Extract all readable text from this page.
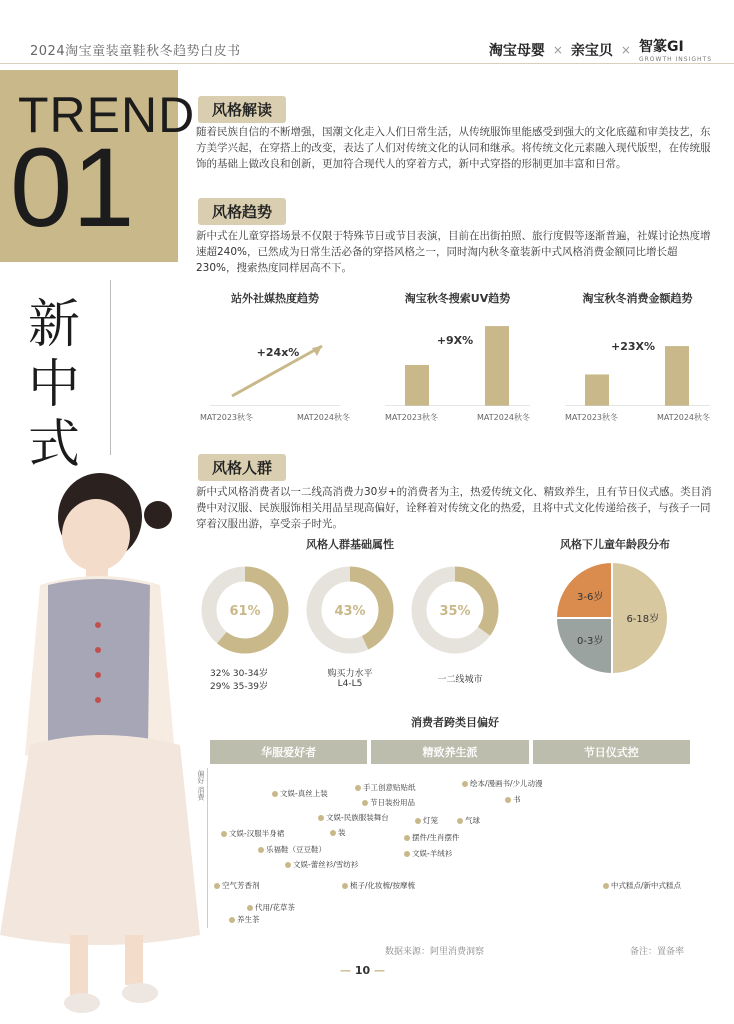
2024淘宝童装童鞋秋冬趋势白皮书	淘宝母婴 × 亲宝贝 × 智篆GI
GROWTH INSIGHTS
TREND
01
新
中
式
风格解读
随着民族自信的不断增强，国潮文化走入人们日常生活，从传统服饰里能感受到强大的文化底蕴和审美技艺，东方美学兴起，在穿搭上的改变，表达了人们对传统文化的认同和继承。将传统文化元素融入现代版型，在传统服饰的基础上做改良和创新，更加符合现代人的穿着方式，新中式穿搭的形制更加丰富和日常。
风格趋势
新中式在儿童穿搭场景不仅限于特殊节日或节目表演，目前在出街拍照、旅行度假等逐渐普遍，社媒讨论热度增速超240%，已然成为日常生活必备的穿搭风格之一，同时淘内秋冬童装新中式风格消费金额同比增长超230%，搜索热度同样居高不下。
站外社媒热度趋势
+24x%
MAT2023秋冬	MAT2024秋冬
淘宝秋冬搜索UV趋势
+9X%
MAT2023秋冬	MAT2024秋冬
淘宝秋冬消费金额趋势
+23X%
MAT2023秋冬	MAT2024秋冬
风格人群
新中式风格消费者以一二线高消费力30岁+的消费者为主，热爱传统文化、精致养生，且有节日仪式感。类目消费中对汉服、民族服饰相关用品呈现高偏好，诠释着对传统文化的热爱，且将中式文化传递给孩子，与孩子一同穿着汉服出游，享受亲子时光。
风格人群基础属性
61%	43%	35%
32% 30-34岁
29% 35-39岁
购买力水平
L4-L5	一二线城市
风格下儿童年龄段分布
6-18岁
0-3岁
3-6岁
消费者跨类目偏好
华服爱好者	精致养生派	节日仪式控
偏好 消费	文娱-真丝上装
手工创意贴贴纸	绘本/漫画书/少儿动漫
书
节日装扮用品
文娱-民族服装舞台
装
灯笼	气球
文娱-汉服半身裙	摆件/生肖摆件
乐福鞋（豆豆鞋）	文娱-羊绒衫
文娱-蕾丝衫/雪纺衫
空气芳香剂	梳子/化妆梳/按摩梳	中式糕点/新中式糕点
代用/花草茶
养生茶
数据来源：阿里消费洞察	备注：置备率
— 10 —
